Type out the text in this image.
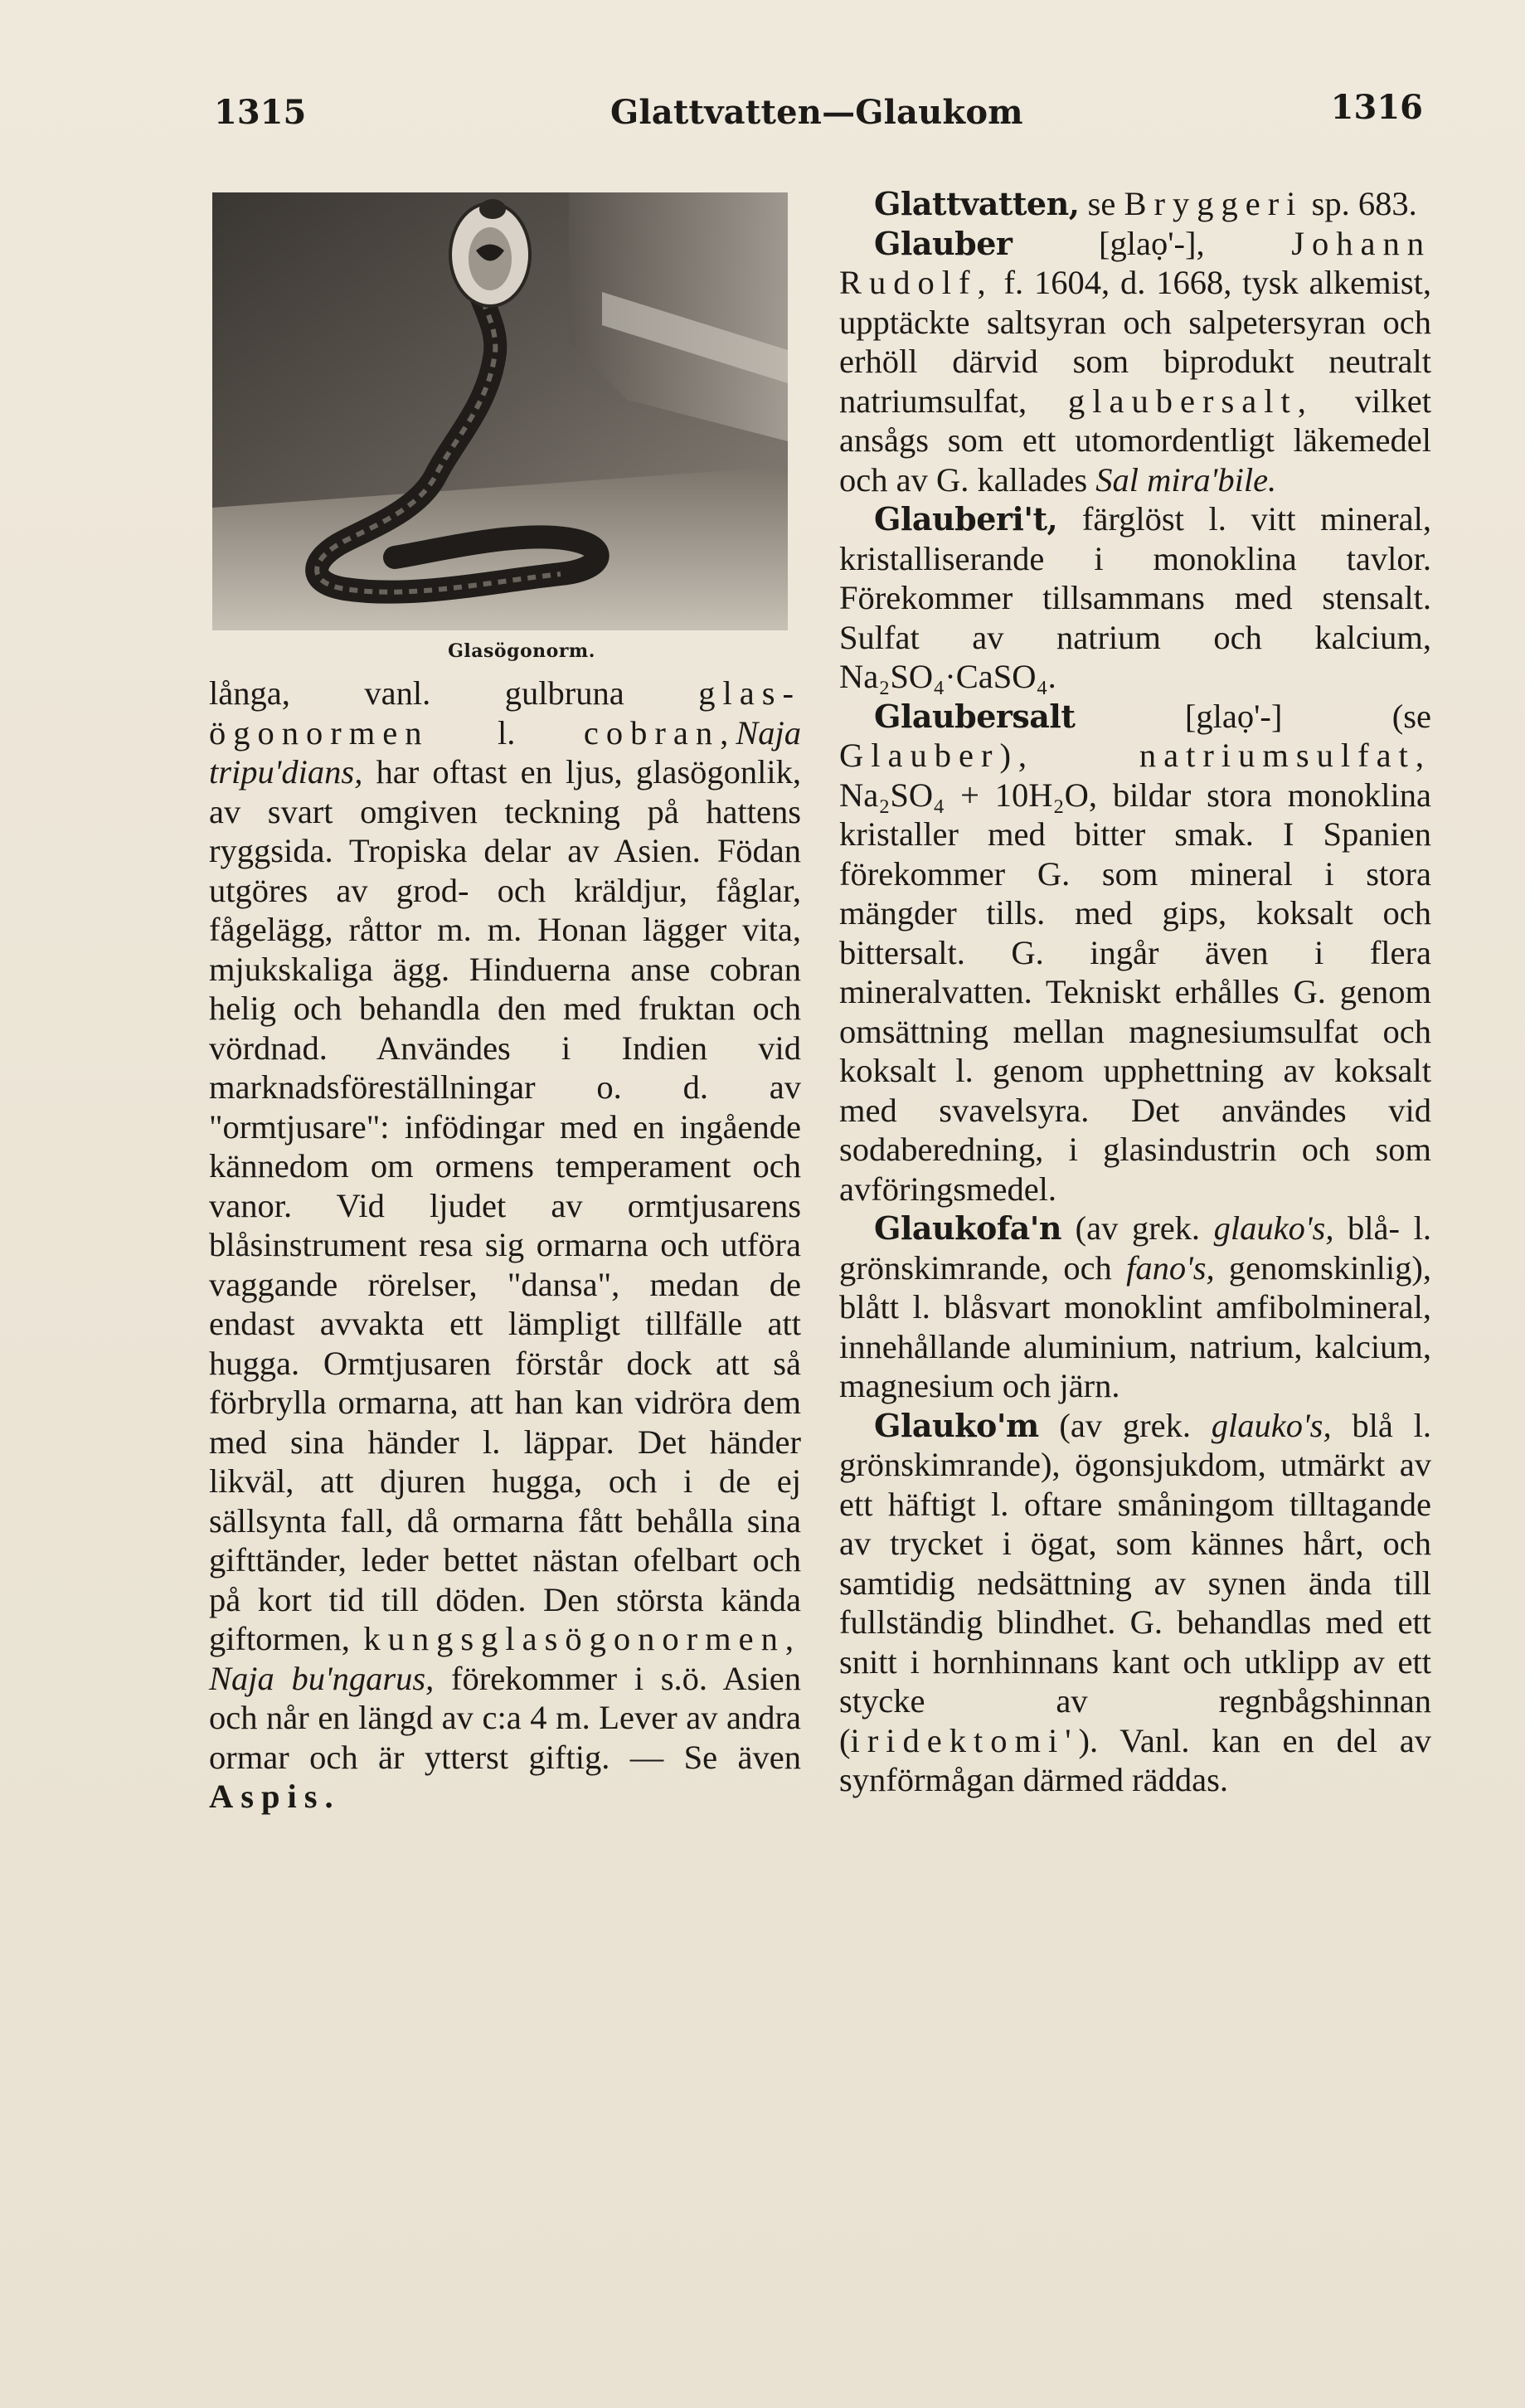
1315	Glattvatten—Glaukom	1316
Glasögonorm.

långa, vanl. gulbruna glas-ögonormen l. cobran,Naja tripu'dians, har oftast en ljus, glasögonlik, av svart omgiven teckning på hattens ryggsida. Tropiska delar av Asien. Födan utgöres av grod- och kräldjur, fåglar, fågelägg, råttor m. m. Honan lägger vita, mjukskaliga ägg. Hinduerna anse cobran helig och behandla den med fruktan och vördnad. Användes i Indien vid marknadsföreställningar o. d. av "ormtjusare": infödingar med en ingående kännedom om ormens temperament och vanor. Vid ljudet av ormtjusarens blåsinstrument resa sig ormarna och utföra vaggande rörelser, "dansa", medan de endast avvakta ett lämpligt tillfälle att hugga. Ormtjusaren förstår dock att så förbrylla ormarna, att han kan vidröra dem med sina händer l. läppar. Det händer likväl, att djuren hugga, och i de ej sällsynta fall, då ormarna fått behålla sina gifttänder, leder bettet nästan ofelbart och på kort tid till döden. Den största kända giftormen, kungsglasögonormen, Naja bu'ngarus, förekommer i s.ö. Asien och når en längd av c:a 4 m. Lever av andra ormar och är ytterst giftig. — Se även Aspis.

Glattvatten, se Bryggeri sp. 683.

Glauber [glaọ'-], Johann Rudolf, f. 1604, d. 1668, tysk alkemist, upptäckte saltsyran och salpetersyran och erhöll därvid som biprodukt neutralt natriumsulfat, glaubersalt, vilket ansågs som ett utomordentligt läkemedel och av G. kallades Sal mira'bile.

Glauberi't, färglöst l. vitt mineral, kristalliserande i monoklina tavlor. Förekommer tillsammans med stensalt. Sulfat av natrium och kalcium, Na₂SO₄·CaSO₄.

Glaubersalt [glaọ'-] (se Glauber), natriumsulfat, Na₂SO₄ + 10H₂O, bildar stora monoklina kristaller med bitter smak. I Spanien förekommer G. som mineral i stora mängder tills. med gips, koksalt och bittersalt. G. ingår även i flera mineralvatten. Tekniskt erhålles G. genom omsättning mellan magnesiumsulfat och koksalt l. genom upphettning av koksalt med svavelsyra. Det användes vid sodaberedning, i glasindustrin och som avföringsmedel.

Glaukofa'n (av grek. glauko's, blå- l. grönskimrande, och fano's, genomskinlig), blått l. blåsvart monoklint amfibolmineral, innehållande aluminium, natrium, kalcium, magnesium och järn.

Glauko'm (av grek. glauko's, blå l. grönskimrande), ögonsjukdom, utmärkt av ett häftigt l. oftare småningom tilltagande av trycket i ögat, som kännes hårt, och samtidig nedsättning av synen ända till fullständig blindhet. G. behandlas med ett snitt i hornhinnans kant och utklipp av ett stycke av regnbågshinnan (iridektomi'). Vanl. kan en del av synförmågan därmed räddas.
